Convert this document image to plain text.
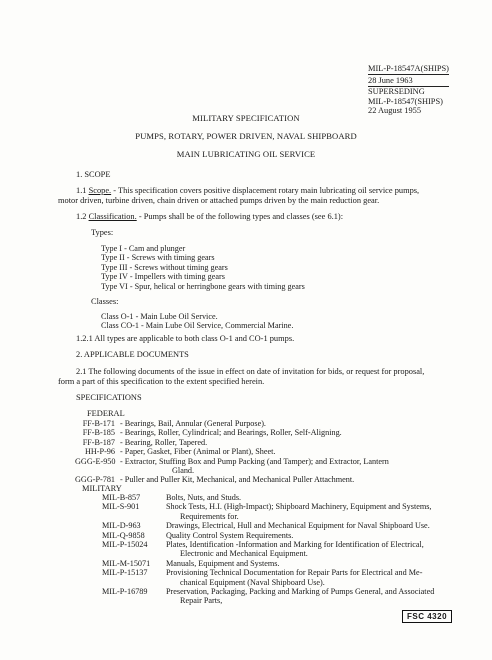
MIL-P-18547A(SHIPS)
28 June 1963
SUPERSEDING
MIL-P-18547(SHIPS)
22 August 1955
MILITARY SPECIFICATION
PUMPS, ROTARY, POWER DRIVEN, NAVAL SHIPBOARD
MAIN LUBRICATING OIL SERVICE
1. SCOPE
1.1 Scope. - This specification covers positive displacement rotary main lubricating oil service pumps,
motor driven, turbine driven, chain driven or attached pumps driven by the main reduction gear.
1.2 Classification. - Pumps shall be of the following types and classes (see 6.1):
Types:
Type I - Cam and plunger
Type II - Screws with timing gears
Type III - Screws without timing gears
Type IV - Impellers with timing gears
Type VI - Spur, helical or herringbone gears with timing gears
Classes:
Class O-1 - Main Lube Oil Service.
Class CO-1 - Main Lube Oil Service, Commercial Marine.
1.2.1 All types are applicable to both class O-1 and CO-1 pumps.
2. APPLICABLE DOCUMENTS
2.1 The following documents of the issue in effect on date of invitation for bids, or request for proposal,
form a part of this specification to the extent specified herein.
SPECIFICATIONS
FEDERAL
FF-B-171
FF-B-185
FF-B-187
HH-P-96
GGG-E-950

GGG-P-781
- Bearings, Bail, Annular (General Purpose).
- Bearings, Roller, Cylindrical; and Bearings, Roller, Self-Aligning.
- Bearing, Roller, Tapered.
- Paper, Gasket, Fiber (Animal or Plant), Sheet.
- Extractor, Stuffing Box and Pump Packing (and Tamper); and Extractor, Lantern
Gland.
- Puller and Puller Kit, Mechanical, and Mechanical Puller Attachment.
MILITARY
MIL-B-857
MIL-S-901

MIL-D-963
MIL-Q-9858
MIL-P-15024

MIL-M-15071
MIL-P-15137

MIL-P-16789
Bolts, Nuts, and Studs.
Shock Tests, H.I. (High-Impact); Shipboard Machinery, Equipment and Systems,
Requirements for.
Drawings, Electrical, Hull and Mechanical Equipment for Naval Shipboard Use.
Quality Control System Requirements.
Plates, Identification -Information and Marking for Identification of Electrical,
Electronic and Mechanical Equipment.
Manuals, Equipment and Systems.
Provisioning Technical Documentation for Repair Parts for Electrical and Me-
chanical Equipment (Naval Shipboard Use).
Preservation, Packaging, Packing and Marking of Pumps General, and Associated
Repair Parts,
FSC 4320
